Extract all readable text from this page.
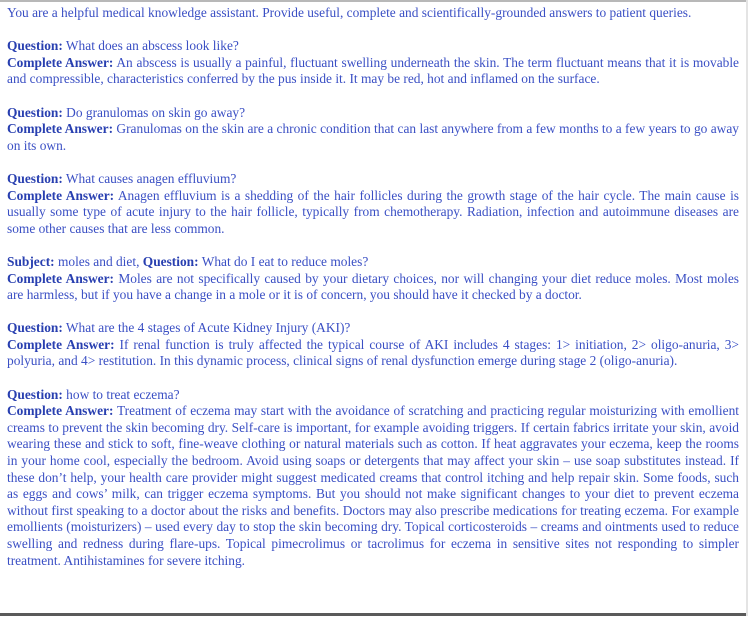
You are a helpful medical knowledge assistant. Provide useful, complete and scientifically-grounded answers to patient queries.

Question: What does an abscess look like?

Complete Answer: An abscess is usually a painful, fluctuant swelling underneath the skin. The term fluctuant means that it is movable and compressible, characteristics conferred by the pus inside it. It may be red, hot and inflamed on the surface.

Question: Do granulomas on skin go away?

Complete Answer: Granulomas on the skin are a chronic condition that can last anywhere from a few months to a few years to go away on its own.

Question: What causes anagen effluvium?

Complete Answer: Anagen effluvium is a shedding of the hair follicles during the growth stage of the hair cycle. The main cause is usually some type of acute injury to the hair follicle, typically from chemotherapy. Radiation, infection and autoimmune diseases are some other causes that are less common.

Subject: moles and diet, Question: What do I eat to reduce moles?

Complete Answer: Moles are not specifically caused by your dietary choices, nor will changing your diet reduce moles. Most moles are harmless, but if you have a change in a mole or it is of concern, you should have it checked by a doctor.

Question: What are the 4 stages of Acute Kidney Injury (AKI)?

Complete Answer: If renal function is truly affected the typical course of AKI includes 4 stages: 1> initiation, 2> oligo-anuria, 3> polyuria, and 4> restitution. In this dynamic process, clinical signs of renal dysfunction emerge during stage 2 (oligo-anuria).

Question: how to treat eczema?

Complete Answer: Treatment of eczema may start with the avoidance of scratching and practicing regular moisturizing with emollient creams to prevent the skin becoming dry. Self-care is important, for example avoiding triggers. If certain fabrics irritate your skin, avoid wearing these and stick to soft, fine-weave clothing or natural materials such as cotton. If heat aggravates your eczema, keep the rooms in your home cool, especially the bedroom. Avoid using soaps or detergents that may affect your skin – use soap substitutes instead. If these don’t help, your health care provider might suggest medicated creams that control itching and help repair skin. Some foods, such as eggs and cows’ milk, can trigger eczema symptoms. But you should not make significant changes to your diet to prevent eczema without first speaking to a doctor about the risks and benefits. Doctors may also prescribe medications for treating eczema. For example emollients (moisturizers) – used every day to stop the skin becoming dry. Topical corticosteroids – creams and ointments used to reduce swelling and redness during flare-ups. Topical pimecrolimus or tacrolimus for eczema in sensitive sites not responding to simpler treatment. Antihistamines for severe itching.
